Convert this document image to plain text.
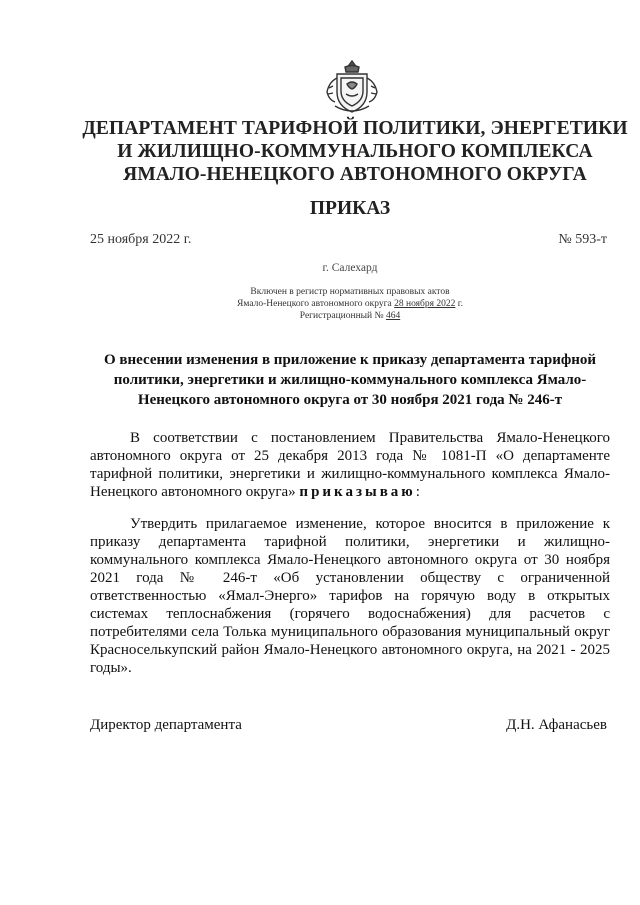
ДЕПАРТАМЕНТ ТАРИФНОЙ ПОЛИТИКИ, ЭНЕРГЕТИКИ
И ЖИЛИЩНО-КОММУНАЛЬНОГО КОМПЛЕКСА
ЯМАЛО-НЕНЕЦКОГО АВТОНОМНОГО ОКРУГА
ПРИКАЗ
25 ноября 2022 г.	№ 593-т
г. Салехард
Включен в регистр нормативных правовых актов
Ямало-Ненецкого автономного округа 28 ноября 2022 г.
Регистрационный № 464
О внесении изменения в приложение к приказу департамента тарифной политики, энергетики и жилищно-коммунального комплекса Ямало-Ненецкого автономного округа от 30 ноября 2021 года № 246-т
В соответствии с постановлением Правительства Ямало-Ненецкого автономного округа от 25 декабря 2013 года № 1081-П «О департаменте тарифной политики, энергетики и жилищно-коммунального комплекса Ямало-Ненецкого автономного округа» приказываю:
Утвердить прилагаемое изменение, которое вносится в приложение к приказу департамента тарифной политики, энергетики и жилищно-коммунального комплекса Ямало-Ненецкого автономного округа от 30 ноября 2021 года № 246-т «Об установлении обществу с ограниченной ответственностью «Ямал-Энерго» тарифов на горячую воду в открытых системах теплоснабжения (горячего водоснабжения) для расчетов с потребителями села Толька муниципального образования муниципальный округ Красноселькупский район Ямало-Ненецкого автономного округа, на 2021 - 2025 годы».
Директор департамента	Д.Н. Афанасьев
